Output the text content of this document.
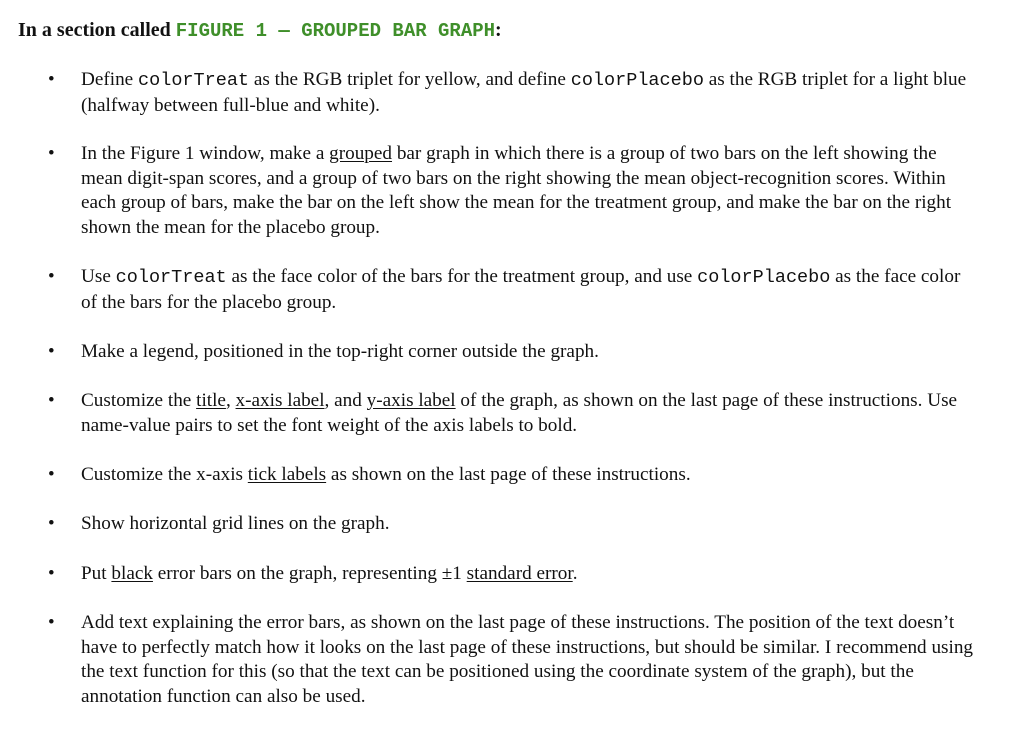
In a section called FIGURE 1 — GROUPED BAR GRAPH:
• Define colorTreat as the RGB triplet for yellow, and define colorPlacebo as the RGB triplet for a light blue (halfway between full-blue and white).
• In the Figure 1 window, make a grouped bar graph in which there is a group of two bars on the left showing the mean digit-span scores, and a group of two bars on the right showing the mean object-recognition scores. Within each group of bars, make the bar on the left show the mean for the treatment group, and make the bar on the right shown the mean for the placebo group.
• Use colorTreat as the face color of the bars for the treatment group, and use colorPlacebo as the face color of the bars for the placebo group.
• Make a legend, positioned in the top-right corner outside the graph.
• Customize the title, x-axis label, and y-axis label of the graph, as shown on the last page of these instructions. Use name-value pairs to set the font weight of the axis labels to bold.
• Customize the x-axis tick labels as shown on the last page of these instructions.
• Show horizontal grid lines on the graph.
• Put black error bars on the graph, representing ±1 standard error.
• Add text explaining the error bars, as shown on the last page of these instructions. The position of the text doesn’t have to perfectly match how it looks on the last page of these instructions, but should be similar. I recommend using the text function for this (so that the text can be positioned using the coordinate system of the graph), but the annotation function can also be used.
